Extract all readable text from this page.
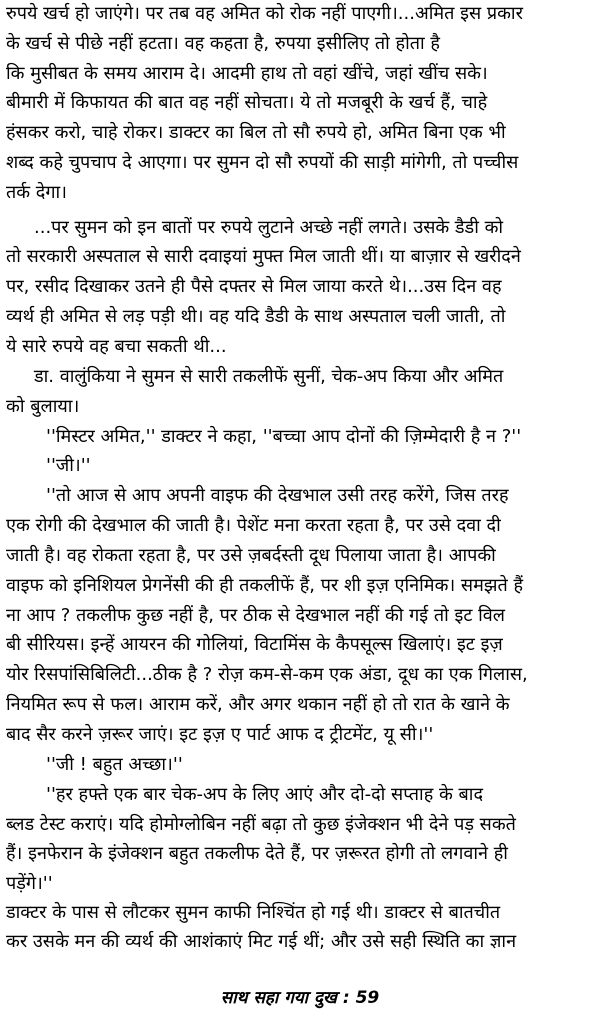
रुपये खर्च हो जाएंगे। पर तब वह अमित को रोक नहीं पाएगी।...अमित इस प्रकार
के खर्च से पीछे नहीं हटता। वह कहता है, रुपया इसीलिए तो होता है
कि मुसीबत के समय आराम दे। आदमी हाथ तो वहां खींचे, जहां खींच सके।
बीमारी में किफायत की बात वह नहीं सोचता। ये तो मजबूरी के खर्च हैं, चाहे
हंसकर करो, चाहे रोकर। डाक्टर का बिल तो सौ रुपये हो, अमित बिना एक भी
शब्द कहे चुपचाप दे आएगा। पर सुमन दो सौ रुपयों की साड़ी मांगेगी, तो पच्चीस
तर्क देगा।
...पर सुमन को इन बातों पर रुपये लुटाने अच्छे नहीं लगते। उसके डैडी को
तो सरकारी अस्पताल से सारी दवाइयां मुफ्त मिल जाती थीं। या बाज़ार से खरीदने
पर, रसीद दिखाकर उतने ही पैसे दफ्तर से मिल जाया करते थे।...उस दिन वह
व्यर्थ ही अमित से लड़ पड़ी थी। वह यदि डैडी के साथ अस्पताल चली जाती, तो
ये सारे रुपये वह बचा सकती थी...
डा. वालुंकिया ने सुमन से सारी तकलीफें सुनीं, चेक-अप किया और अमित
को बुलाया।
''मिस्टर अमित,'' डाक्टर ने कहा, ''बच्चा आप दोनों की ज़िम्मेदारी है न ?''
''जी।''
''तो आज से आप अपनी वाइफ की देखभाल उसी तरह करेंगे, जिस तरह
एक रोगी की देखभाल की जाती है। पेशेंट मना करता रहता है, पर उसे दवा दी
जाती है। वह रोकता रहता है, पर उसे ज़बर्दस्ती दूध पिलाया जाता है। आपकी
वाइफ को इनिशियल प्रेगनेंसी की ही तकलीफें हैं, पर शी इज़ एनिमिक। समझते हैं
ना आप ? तकलीफ कुछ नहीं है, पर ठीक से देखभाल नहीं की गई तो इट विल
बी सीरियस। इन्हें आयरन की गोलियां, विटामिंस के कैपसूल्स खिलाएं। इट इज़
योर रिसपांसिबिलिटी...ठीक है ? रोज़ कम-से-कम एक अंडा, दूध का एक गिलास,
नियमित रूप से फल। आराम करें, और अगर थकान नहीं हो तो रात के खाने के
बाद सैर करने ज़रूर जाएं। इट इज़ ए पार्ट आफ द ट्रीटमेंट, यू सी।''
''जी ! बहुत अच्छा।''
''हर हफ्ते एक बार चेक-अप के लिए आएं और दो-दो सप्ताह के बाद
ब्लड टेस्ट कराएं। यदि होमोग्लोबिन नहीं बढ़ा तो कुछ इंजेक्शन भी देने पड़ सकते
हैं। इनफेरान के इंजेक्शन बहुत तकलीफ देते हैं, पर ज़रूरत होगी तो लगवाने ही
पड़ेंगे।''
डाक्टर के पास से लौटकर सुमन काफी निश्चिंत हो गई थी। डाक्टर से बातचीत
कर उसके मन की व्यर्थ की आशंकाएं मिट गई थीं; और उसे सही स्थिति का ज्ञान
साथ सहा गया दुख : 59
